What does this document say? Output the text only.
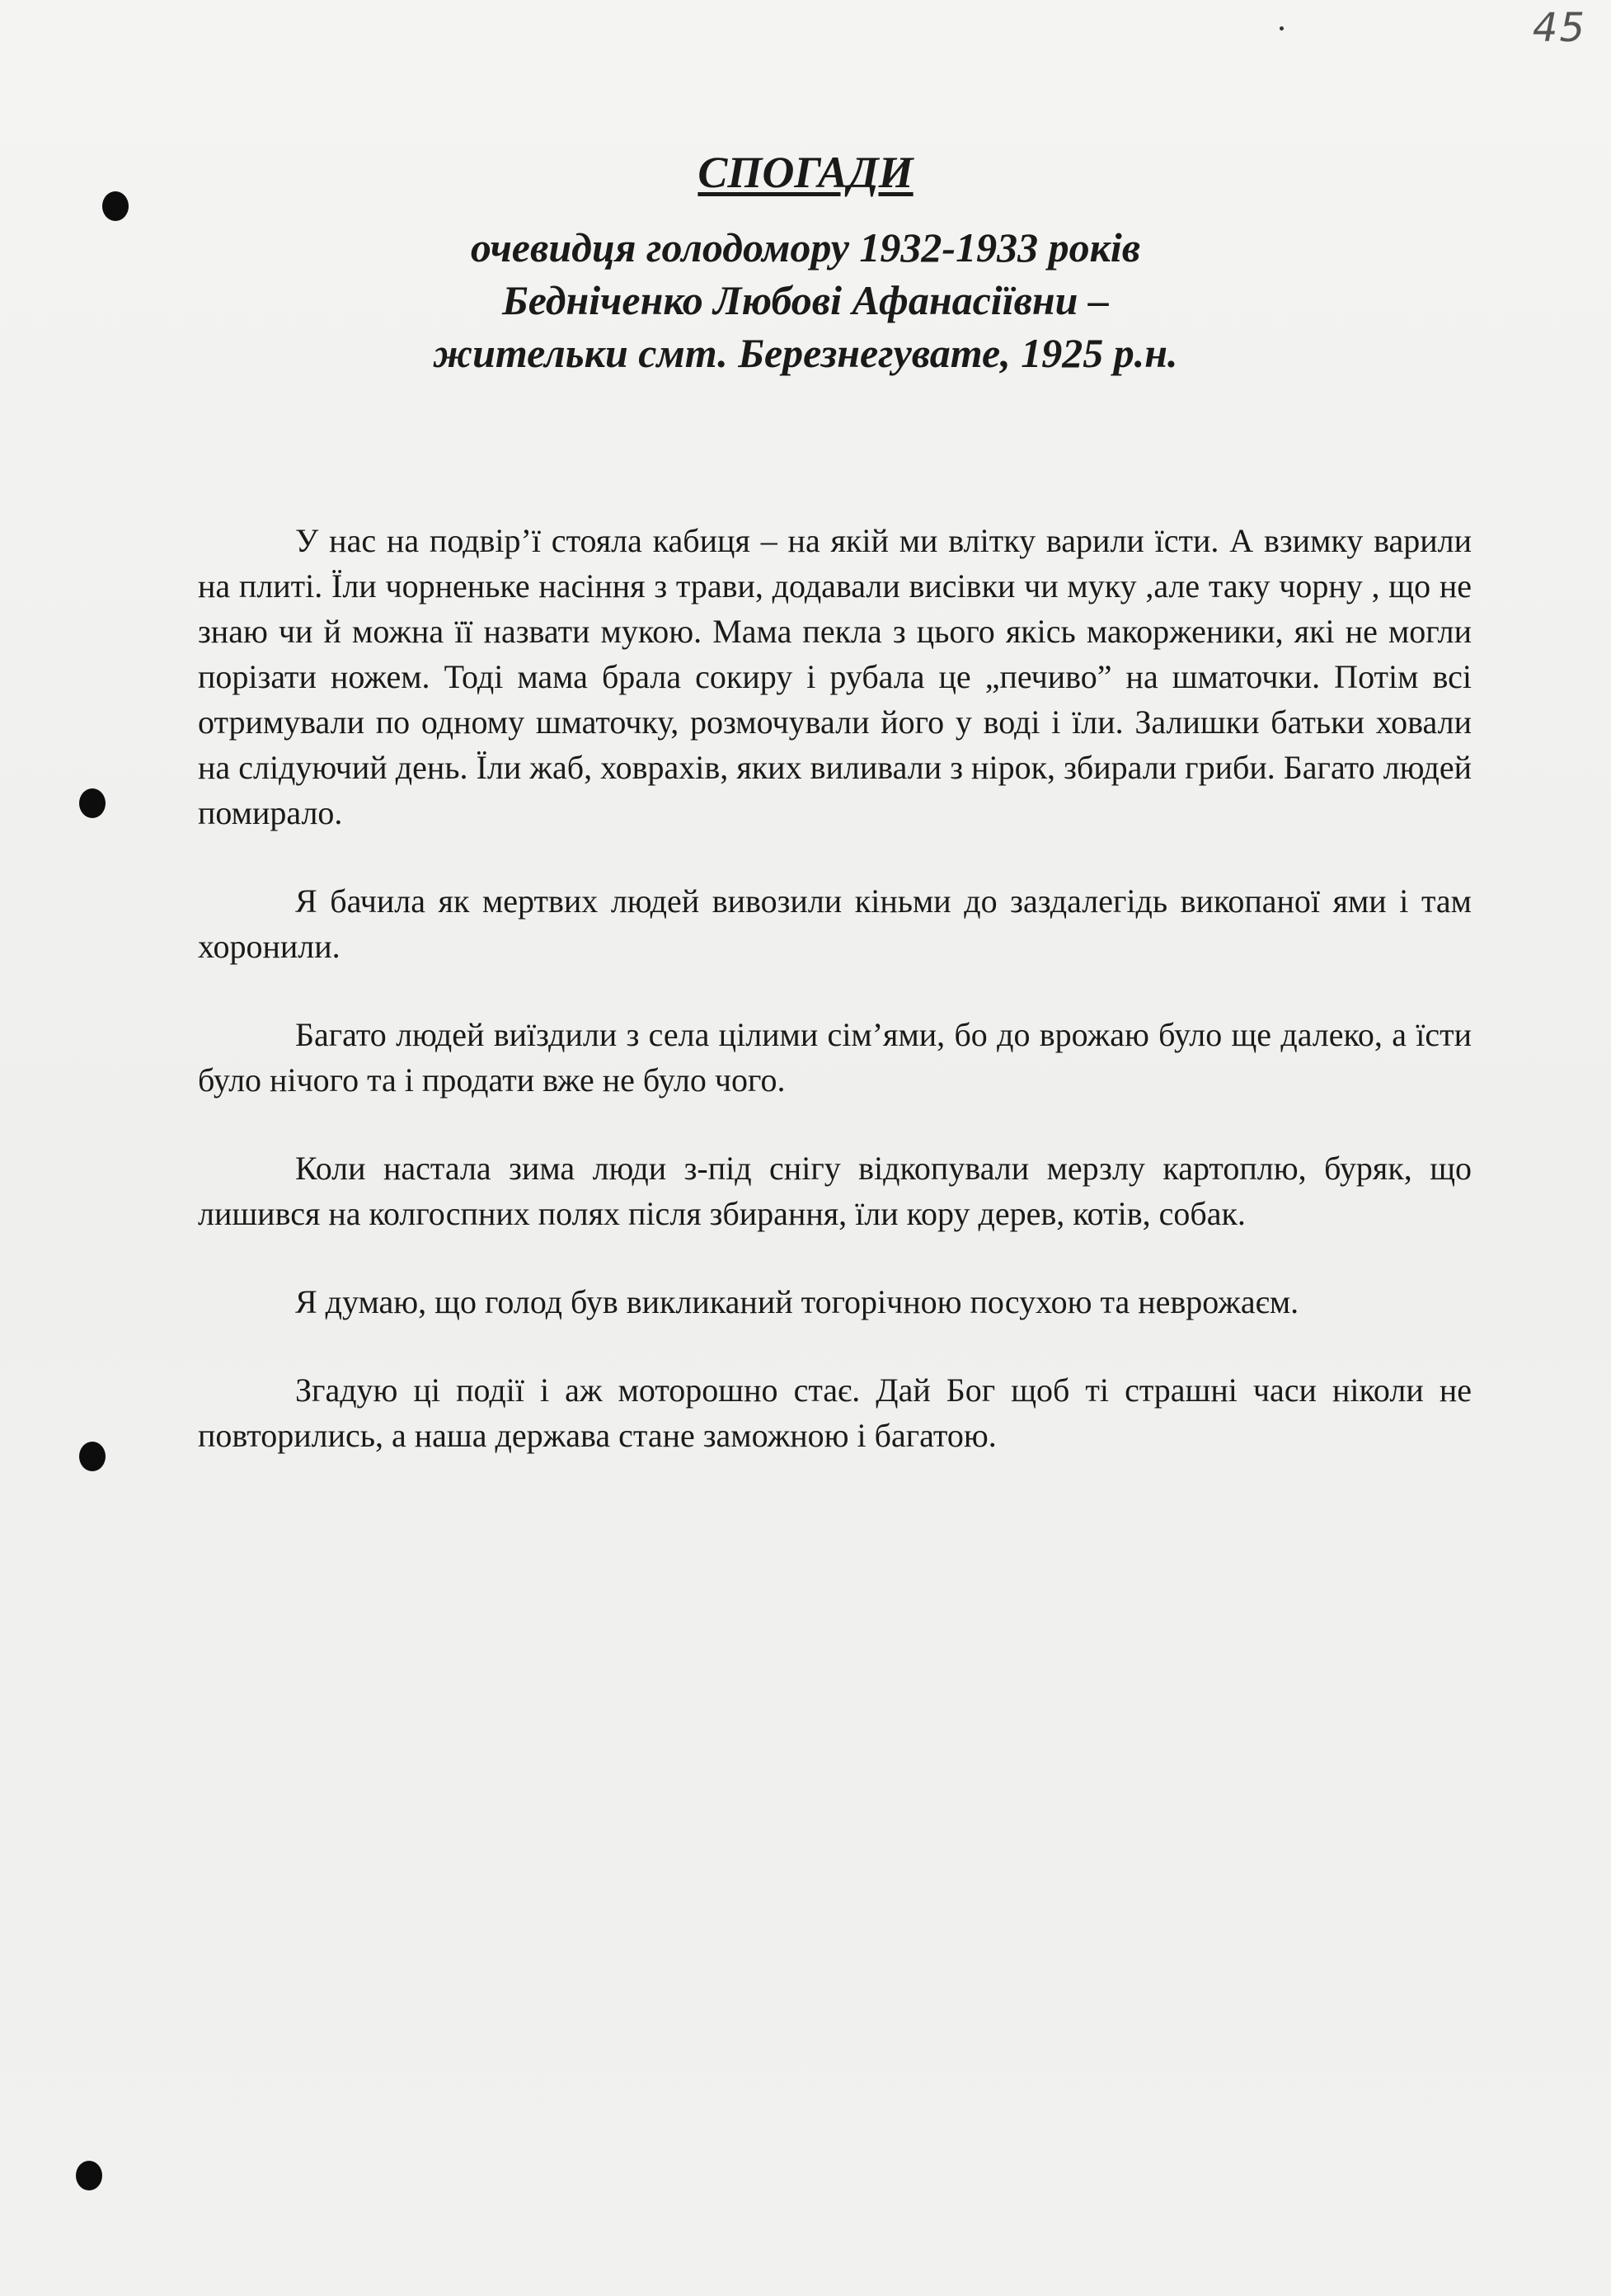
45
СПОГАДИ
очевидця голодомору 1932-1933 років
Бедніченко Любові Афанасіївни –
жительки смт. Березнегувате, 1925 р.н.

У нас на подвір’ї стояла кабиця – на якій ми влітку варили їсти. А взимку варили на плиті. Їли чорненьке насіння з трави, додавали висівки чи муку ,але таку чорну , що не знаю чи й можна її назвати мукою. Мама пекла з цього якісь макорженики, які не могли порізати ножем. Тоді мама брала сокиру і рубала це „печиво” на шматочки. Потім всі отримували по одному шматочку, розмочували його у воді і їли. Залишки батьки ховали на слідуючий день. Їли жаб, ховрахів, яких виливали з нірок, збирали гриби. Багато людей помирало.

Я бачила як мертвих людей вивозили кіньми до заздалегідь викопаної ями і там хоронили.

Багато людей виїздили з села цілими сім’ями, бо до врожаю було ще далеко, а їсти було нічого та і продати вже не було чого.

Коли настала зима люди з-під снігу відкопували мерзлу картоплю, буряк, що лишився на колгоспних полях після збирання, їли кору дерев, котів, собак.

Я думаю, що голод був викликаний тогорічною посухою та неврожаєм.

Згадую ці події і аж моторошно стає. Дай Бог щоб ті страшні часи ніколи не повторились, а наша держава стане заможною і багатою.
